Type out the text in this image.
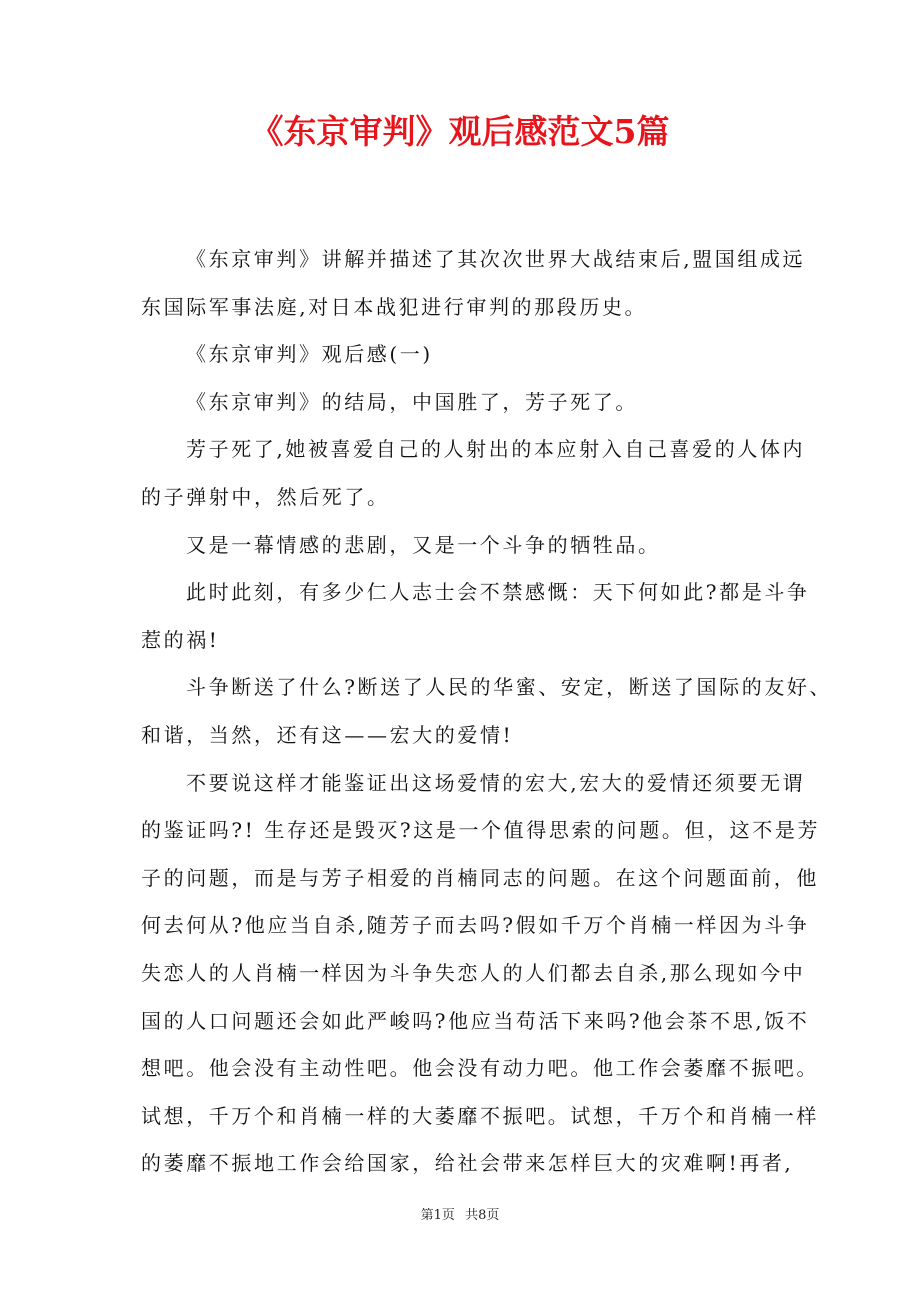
《东京审判》观后感范文5篇
《东京审判》讲解并描述了其次次世界大战结束后,盟国组成远
东国际军事法庭,对日本战犯进行审判的那段历史。
《东京审判》观后感(一)
《东京审判》的结局，中国胜了，芳子死了。
芳子死了,她被喜爱自己的人射出的本应射入自己喜爱的人体内
的子弹射中，然后死了。
又是一幕情感的悲剧，又是一个斗争的牺牲品。
此时此刻，有多少仁人志士会不禁感慨：天下何如此?都是斗争
惹的祸!
斗争断送了什么?断送了人民的华蜜、安定，断送了国际的友好、
和谐，当然，还有这——宏大的爱情!
不要说这样才能鉴证出这场爱情的宏大,宏大的爱情还须要无谓
的鉴证吗?! 生存还是毁灭?这是一个值得思索的问题。但，这不是芳
子的问题，而是与芳子相爱的肖楠同志的问题。在这个问题面前，他
何去何从?他应当自杀,随芳子而去吗?假如千万个肖楠一样因为斗争
失恋人的人肖楠一样因为斗争失恋人的人们都去自杀,那么现如今中
国的人口问题还会如此严峻吗?他应当苟活下来吗?他会茶不思,饭不
想吧。他会没有主动性吧。他会没有动力吧。他工作会萎靡不振吧。
试想，千万个和肖楠一样的大萎靡不振吧。试想，千万个和肖楠一样
的萎靡不振地工作会给国家，给社会带来怎样巨大的灾难啊!再者,
第1页 共8页
